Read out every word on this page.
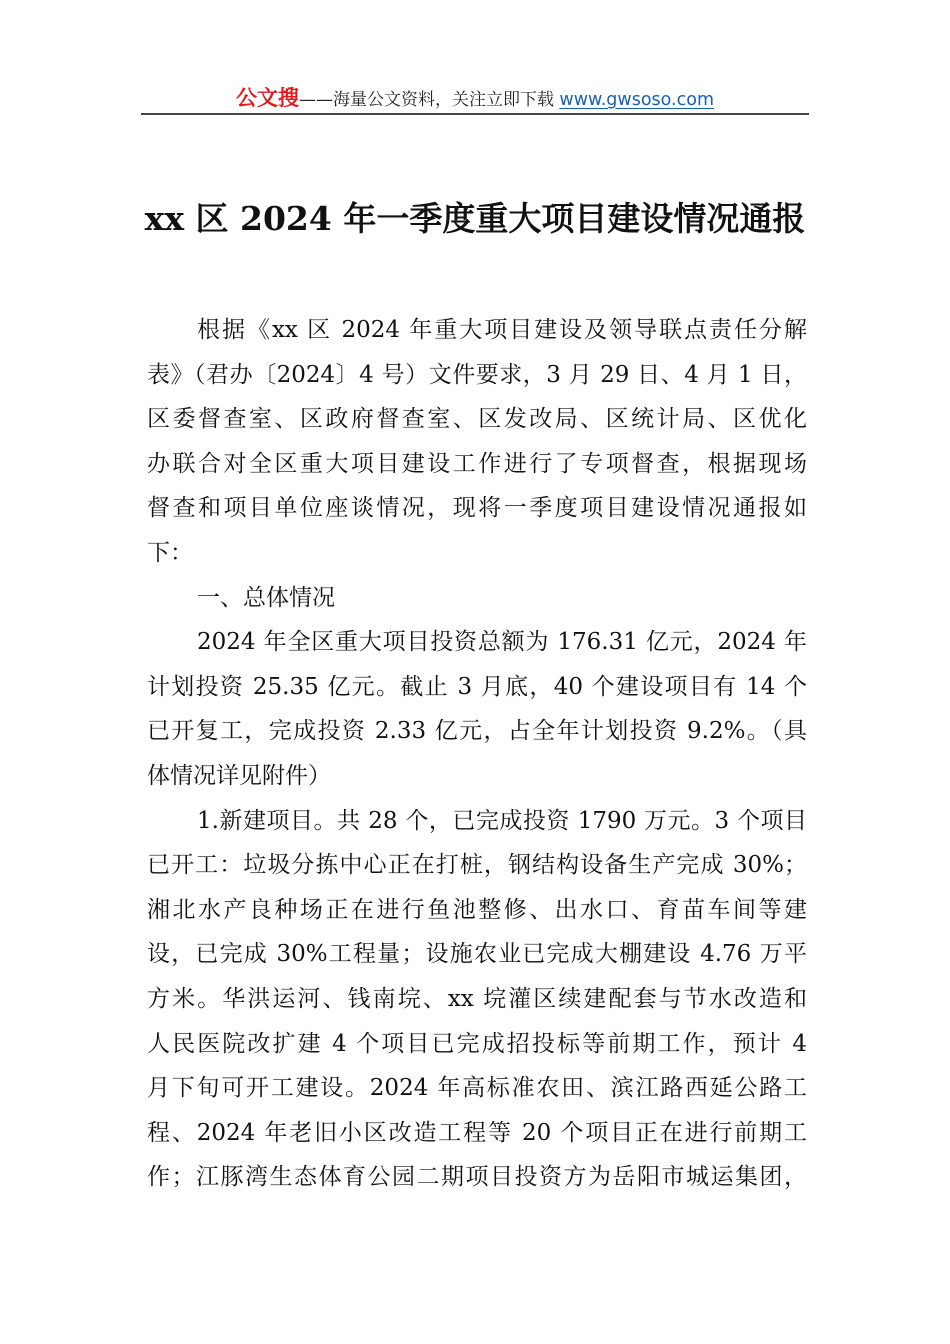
公文搜——海量公文资料，关注立即下载 www.gwsoso.com
xx 区 2024 年一季度重大项目建设情况通报
根据《xx 区 2024 年重大项目建设及领导联点责任分解
表》（君办〔2024〕4 号）文件要求，3 月 29 日、4 月 1 日，
区委督查室、区政府督查室、区发改局、区统计局、区优化
办联合对全区重大项目建设工作进行了专项督查，根据现场
督查和项目单位座谈情况，现将一季度项目建设情况通报如
下：
一、总体情况
2024 年全区重大项目投资总额为 176.31 亿元，2024 年
计划投资 25.35 亿元。截止 3 月底，40 个建设项目有 14 个
已开复工，完成投资 2.33 亿元，占全年计划投资 9.2%。（具
体情况详见附件）
1.新建项目。共 28 个，已完成投资 1790 万元。3 个项目
已开工：垃圾分拣中心正在打桩，钢结构设备生产完成 30%；
湘北水产良种场正在进行鱼池整修、出水口、育苗车间等建
设，已完成 30%工程量；设施农业已完成大棚建设 4.76 万平
方米。华洪运河、钱南垸、xx 垸灌区续建配套与节水改造和
人民医院改扩建 4 个项目已完成招投标等前期工作，预计 4
月下旬可开工建设。2024 年高标准农田、滨江路西延公路工
程、2024 年老旧小区改造工程等 20 个项目正在进行前期工
作；江豚湾生态体育公园二期项目投资方为岳阳市城运集团，
